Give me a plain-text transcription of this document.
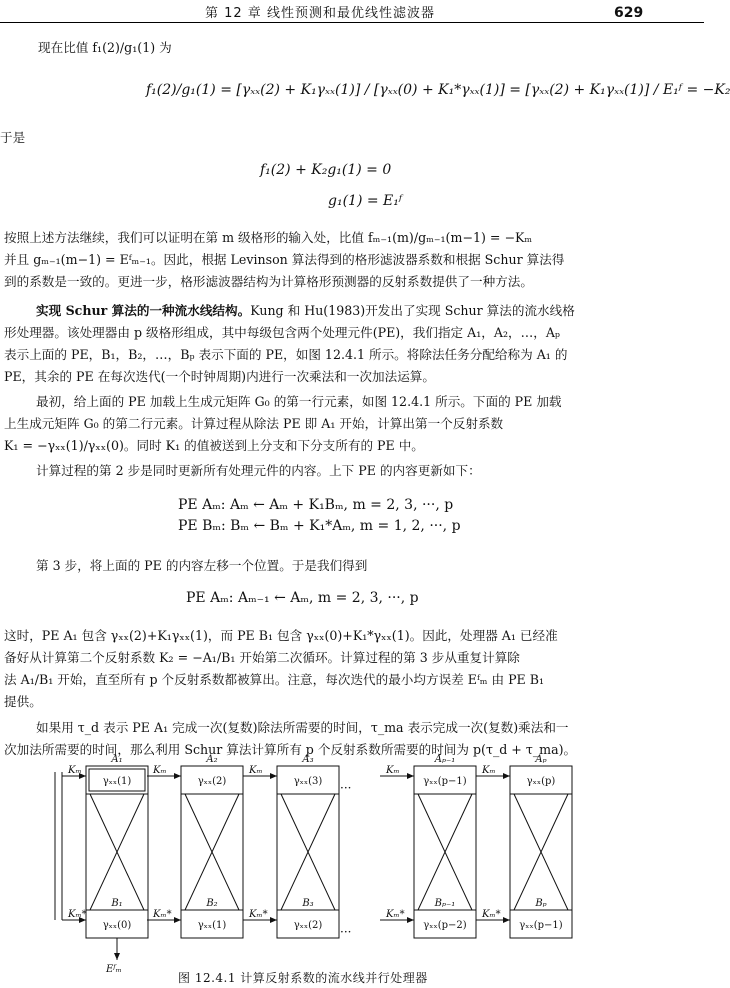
第 12 章 线性预测和最优线性滤波器	629
现在比值 f₁(2)/g₁(1) 为
f₁(2)/g₁(1) = [γₓₓ(2) + K₁γₓₓ(1)] / [γₓₓ(0) + K₁*γₓₓ(1)] = [γₓₓ(2) + K₁γₓₓ(1)] / E₁ᶠ = −K₂
于是
f₁(2) + K₂g₁(1) = 0
g₁(1) = E₁ᶠ
按照上述方法继续，我们可以证明在第 m 级格形的输入处，比值 fₘ₋₁(m)/gₘ₋₁(m−1) = −Kₘ
并且 gₘ₋₁(m−1) = Eᶠₘ₋₁。因此，根据 Levinson 算法得到的格形滤波器系数和根据 Schur 算法得
到的系数是一致的。更进一步，格形滤波器结构为计算格形预测器的反射系数提供了一种方法。
实现 Schur 算法的一种流水线结构。Kung 和 Hu(1983)开发出了实现 Schur 算法的流水线格
形处理器。该处理器由 p 级格形组成，其中每级包含两个处理元件(PE)，我们指定 A₁，A₂，…，Aₚ
表示上面的 PE，B₁，B₂，…，Bₚ 表示下面的 PE，如图 12.4.1 所示。将除法任务分配给称为 A₁ 的
PE，其余的 PE 在每次迭代(一个时钟周期)内进行一次乘法和一次加法运算。
最初，给上面的 PE 加载上生成元矩阵 G₀ 的第一行元素，如图 12.4.1 所示。下面的 PE 加载
上生成元矩阵 G₀ 的第二行元素。计算过程从除法 PE 即 A₁ 开始，计算出第一个反射系数
K₁ = −γₓₓ(1)/γₓₓ(0)。同时 K₁ 的值被送到上分支和下分支所有的 PE 中。
计算过程的第 2 步是同时更新所有处理元件的内容。上下 PE 的内容更新如下：
PE Aₘ: Aₘ ← Aₘ + K₁Bₘ, m = 2, 3, ···, p
PE Bₘ: Bₘ ← Bₘ + K₁*Aₘ, m = 1, 2, ···, p
第 3 步，将上面的 PE 的内容左移一个位置。于是我们得到
PE Aₘ: Aₘ₋₁ ← Aₘ, m = 2, 3, ···, p
这时，PE A₁ 包含 γₓₓ(2)+K₁γₓₓ(1)，而 PE B₁ 包含 γₓₓ(0)+K₁*γₓₓ(1)。因此，处理器 A₁ 已经准
备好从计算第二个反射系数 K₂ = −A₁/B₁ 开始第二次循环。计算过程的第 3 步从重复计算除
法 A₁/B₁ 开始，直至所有 p 个反射系数都被算出。注意，每次迭代的最小均方误差 Eᶠₘ 由 PE B₁
提供。
如果用 τ_d 表示 PE A₁ 完成一次(复数)除法所需要的时间，τ_ma 表示完成一次(复数)乘法和一
次加法所需要的时间，那么利用 Schur 算法计算所有 p 个反射系数所需要的时间为 p(τ_d + τ_ma)。
A₁
B₁
γₓₓ(1)
γₓₓ(0)
Kₘ
Kₘ*
A₂
B₂
γₓₓ(2)
γₓₓ(1)
Kₘ
Kₘ*
A₃
B₃
γₓₓ(3)
γₓₓ(2)
Kₘ
Kₘ*
Aₚ₋₁
Bₚ₋₁
γₓₓ(p−1)
γₓₓ(p−2)
Kₘ
Kₘ*
Aₚ
Bₚ
γₓₓ(p)
γₓₓ(p−1)
Kₘ
Kₘ*
···
···
Eᶠₘ
图 12.4.1 计算反射系数的流水线并行处理器
